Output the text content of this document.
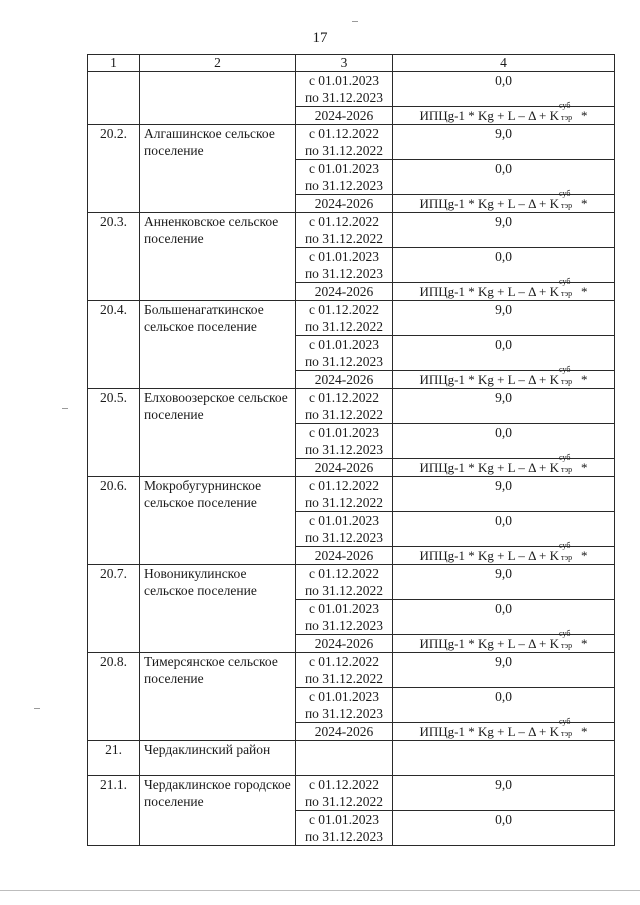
17
1	2	3	4

		с 01.01.2023
по 31.12.2023	0,0
		2024-2026	ИПЦg-1 * Kg + L – Δ + K
суб
тэр *
20.2.	Алгашинское сельское поселение	с 01.12.2022
по 31.12.2022	9,0

		с 01.01.2023
по 31.12.2023	0,0
		2024-2026	ИПЦg-1 * Kg + L – Δ + K
суб
тэр *
20.3.	Анненковское сельское поселение	с 01.12.2022
по 31.12.2022	9,0

		с 01.01.2023
по 31.12.2023	0,0
		2024-2026	ИПЦg-1 * Kg + L – Δ + K
суб
тэр *
20.4.	Большенагаткинское сельское поселение	с 01.12.2022
по 31.12.2022	9,0

		с 01.01.2023
по 31.12.2023	0,0
		2024-2026	ИПЦg-1 * Kg + L – Δ + K
суб
тэр *
20.5.	Елховоозерское сельское поселение	с 01.12.2022
по 31.12.2022	9,0

		с 01.01.2023
по 31.12.2023	0,0
		2024-2026	ИПЦg-1 * Kg + L – Δ + K
суб
тэр *
20.6.	Мокробугурнинское сельское поселение	с 01.12.2022
по 31.12.2022	9,0

		с 01.01.2023
по 31.12.2023	0,0
		2024-2026	ИПЦg-1 * Kg + L – Δ + K
суб
тэр *
20.7.	Новоникулинское сельское поселение	с 01.12.2022
по 31.12.2022	9,0

		с 01.01.2023
по 31.12.2023	0,0
		2024-2026	ИПЦg-1 * Kg + L – Δ + K
суб
тэр *
20.8.	Тимерсянское сельское поселение	с 01.12.2022
по 31.12.2022	9,0

		с 01.01.2023
по 31.12.2023	0,0
		2024-2026	ИПЦg-1 * Kg + L – Δ + K
суб
тэр *
21.	Чердаклинский район		
21.1.	Чердаклинское городское поселение	с 01.12.2022
по 31.12.2022	9,0

		с 01.01.2023
по 31.12.2023	0,0
